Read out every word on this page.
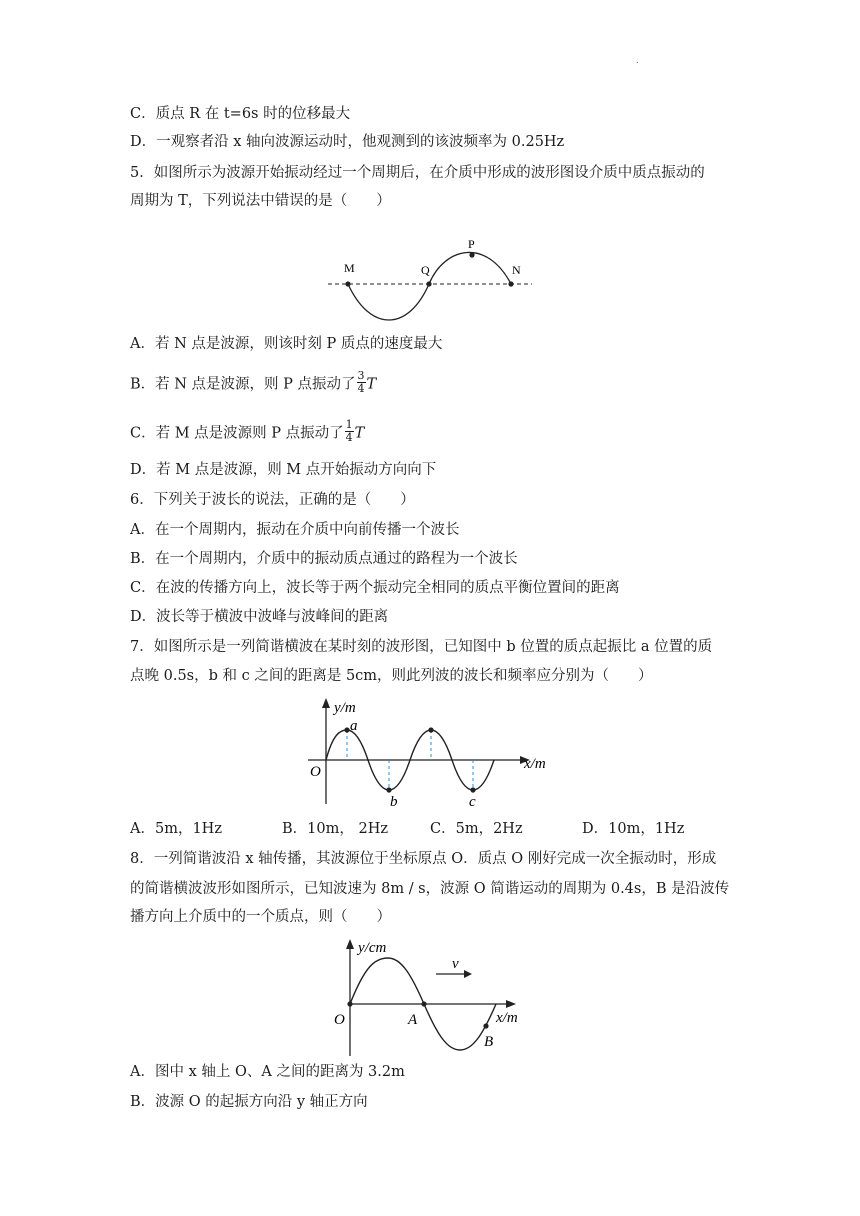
.
C．质点 R 在 t=6s 时的位移最大
D．一观察者沿 x 轴向波源运动时，他观测到的该波频率为 0.25Hz
5．如图所示为波源开始振动经过一个周期后，在介质中形成的波形图设介质中质点振动的
周期为 T，下列说法中错误的是（　　）
M	Q
P
N
A．若 N 点是波源，则该时刻 P 质点的速度最大
B．若 N 点是波源，则 P 点振动了 $\frac{3}{4}$ T
C．若 M 点是波源则 P 点振动了 $\frac{1}{4}$ T
D．若 M 点是波源，则 M 点开始振动方向向下
6．下列关于波长的说法，正确的是（　　）
A．在一个周期内，振动在介质中向前传播一个波长
B．在一个周期内，介质中的振动质点通过的路程为一个波长
C．在波的传播方向上，波长等于两个振动完全相同的质点平衡位置间的距离
D．波长等于横波中波峰与波峰间的距离
7．如图所示是一列简谐横波在某时刻的波形图，已知图中 b 位置的质点起振比 a 位置的质
点晚 0.5s，b 和 c 之间的距离是 5cm，则此列波的波长和频率应分别为（　　）
y/m
x/m
O
a
b	c
A．5m，1Hz	B．10m， 2Hz	C．5m，2Hz	D．10m，1Hz
8．一列简谐波沿 x 轴传播，其波源位于坐标原点 O．质点 O 刚好完成一次全振动时，形成
的简谐横波波形如图所示，已知波速为 8m / s，波源 O 简谐运动的周期为 0.4s，B 是沿波传
播方向上介质中的一个质点，则（　　）
y/cm
x/m
O	A
B
v
A．图中 x 轴上 O、A 之间的距离为 3.2m
B．波源 O 的起振方向沿 y 轴正方向
